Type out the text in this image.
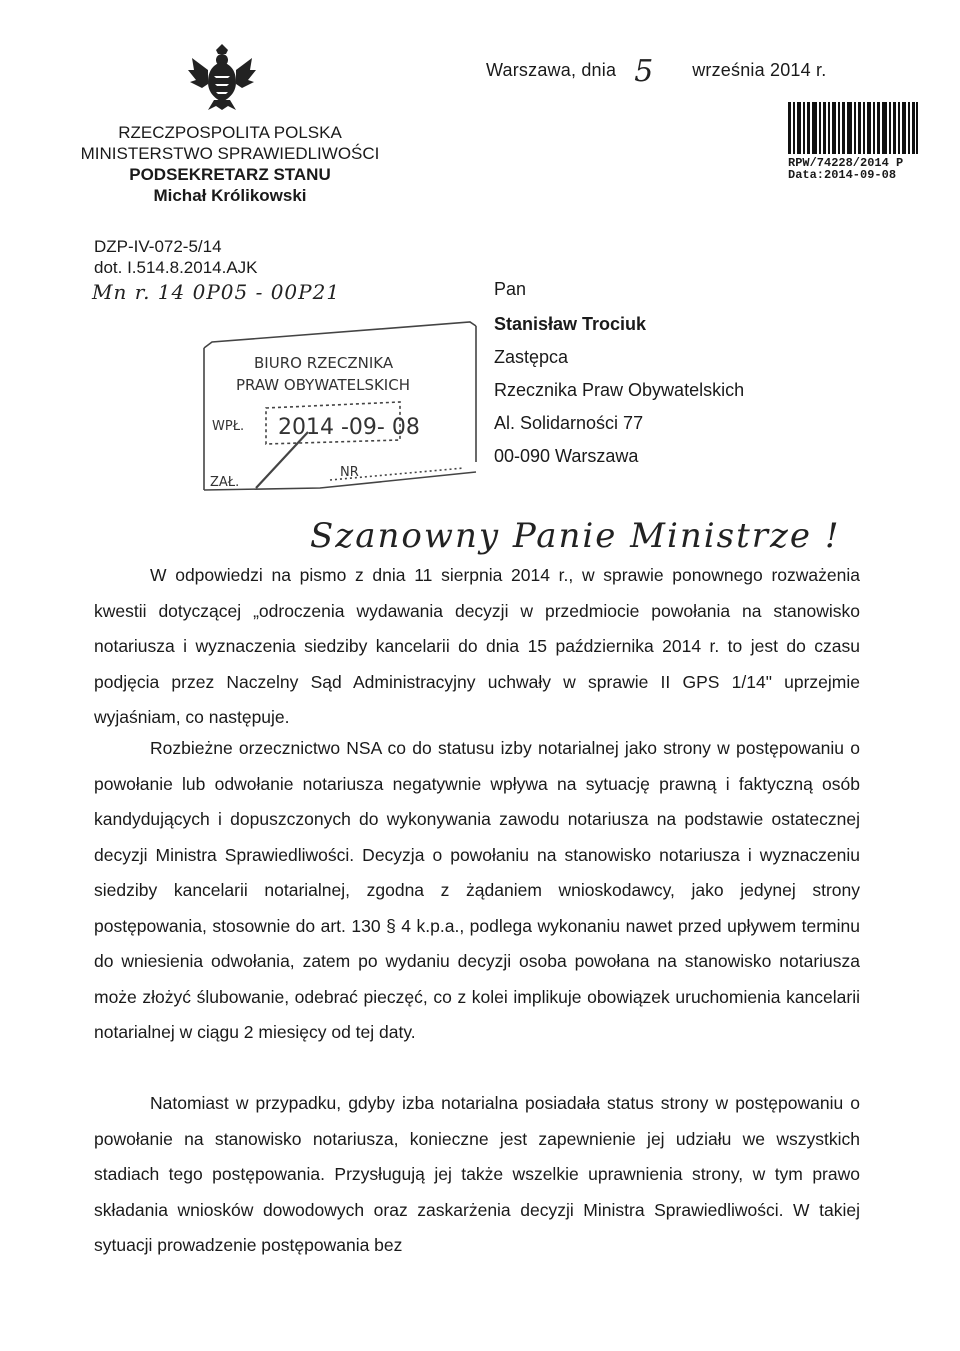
RZECZPOSPOLITA POLSKA
MINISTERSTWO SPRAWIEDLIWOŚCI
PODSEKRETARZ STANU
Michał Królikowski
Warszawa, dnia 5 września 2014 r.
RPW/74228/2014 P
Data:2014-09-08
DZP-IV-072-5/14
dot. I.514.8.2014.AJK
Mn r. 14 0P05 - 00P21
BIURO RZECZNIKA
PRAW OBYWATELSKICH
WPŁ. 2014 -09- 08
ZAŁ.
NR
Pan
Stanisław Trociuk
Zastępca
Rzecznika Praw Obywatelskich
Al. Solidarności 77
00-090 Warszawa
Szanowny Panie Ministrze !
W odpowiedzi na pismo z dnia 11 sierpnia 2014 r., w sprawie ponownego rozważenia kwestii dotyczącej „odroczenia wydawania decyzji w przedmiocie powołania na stanowisko notariusza i wyznaczenia siedziby kancelarii do dnia 15 października 2014 r. to jest do czasu podjęcia przez Naczelny Sąd Administracyjny uchwały w sprawie II GPS 1/14" uprzejmie wyjaśniam, co następuje.
Rozbieżne orzecznictwo NSA co do statusu izby notarialnej jako strony w postępowaniu o powołanie lub odwołanie notariusza negatywnie wpływa na sytuację prawną i faktyczną osób kandydujących i dopuszczonych do wykonywania zawodu notariusza na podstawie ostatecznej decyzji Ministra Sprawiedliwości. Decyzja o powołaniu na stanowisko notariusza i wyznaczeniu siedziby kancelarii notarialnej, zgodna z żądaniem wnioskodawcy, jako jedynej strony postępowania, stosownie do art. 130 § 4 k.p.a., podlega wykonaniu nawet przed upływem terminu do wniesienia odwołania, zatem po wydaniu decyzji osoba powołana na stanowisko notariusza może złożyć ślubowanie, odebrać pieczęć, co z kolei implikuje obowiązek uruchomienia kancelarii notarialnej w ciągu 2 miesięcy od tej daty.
Natomiast w przypadku, gdyby izba notarialna posiadała status strony w postępowaniu o powołanie na stanowisko notariusza, konieczne jest zapewnienie jej udziału we wszystkich stadiach tego postępowania. Przysługują jej także wszelkie uprawnienia strony, w tym prawo składania wniosków dowodowych oraz zaskarżenia decyzji Ministra Sprawiedliwości. W takiej sytuacji prowadzenie postępowania bez
